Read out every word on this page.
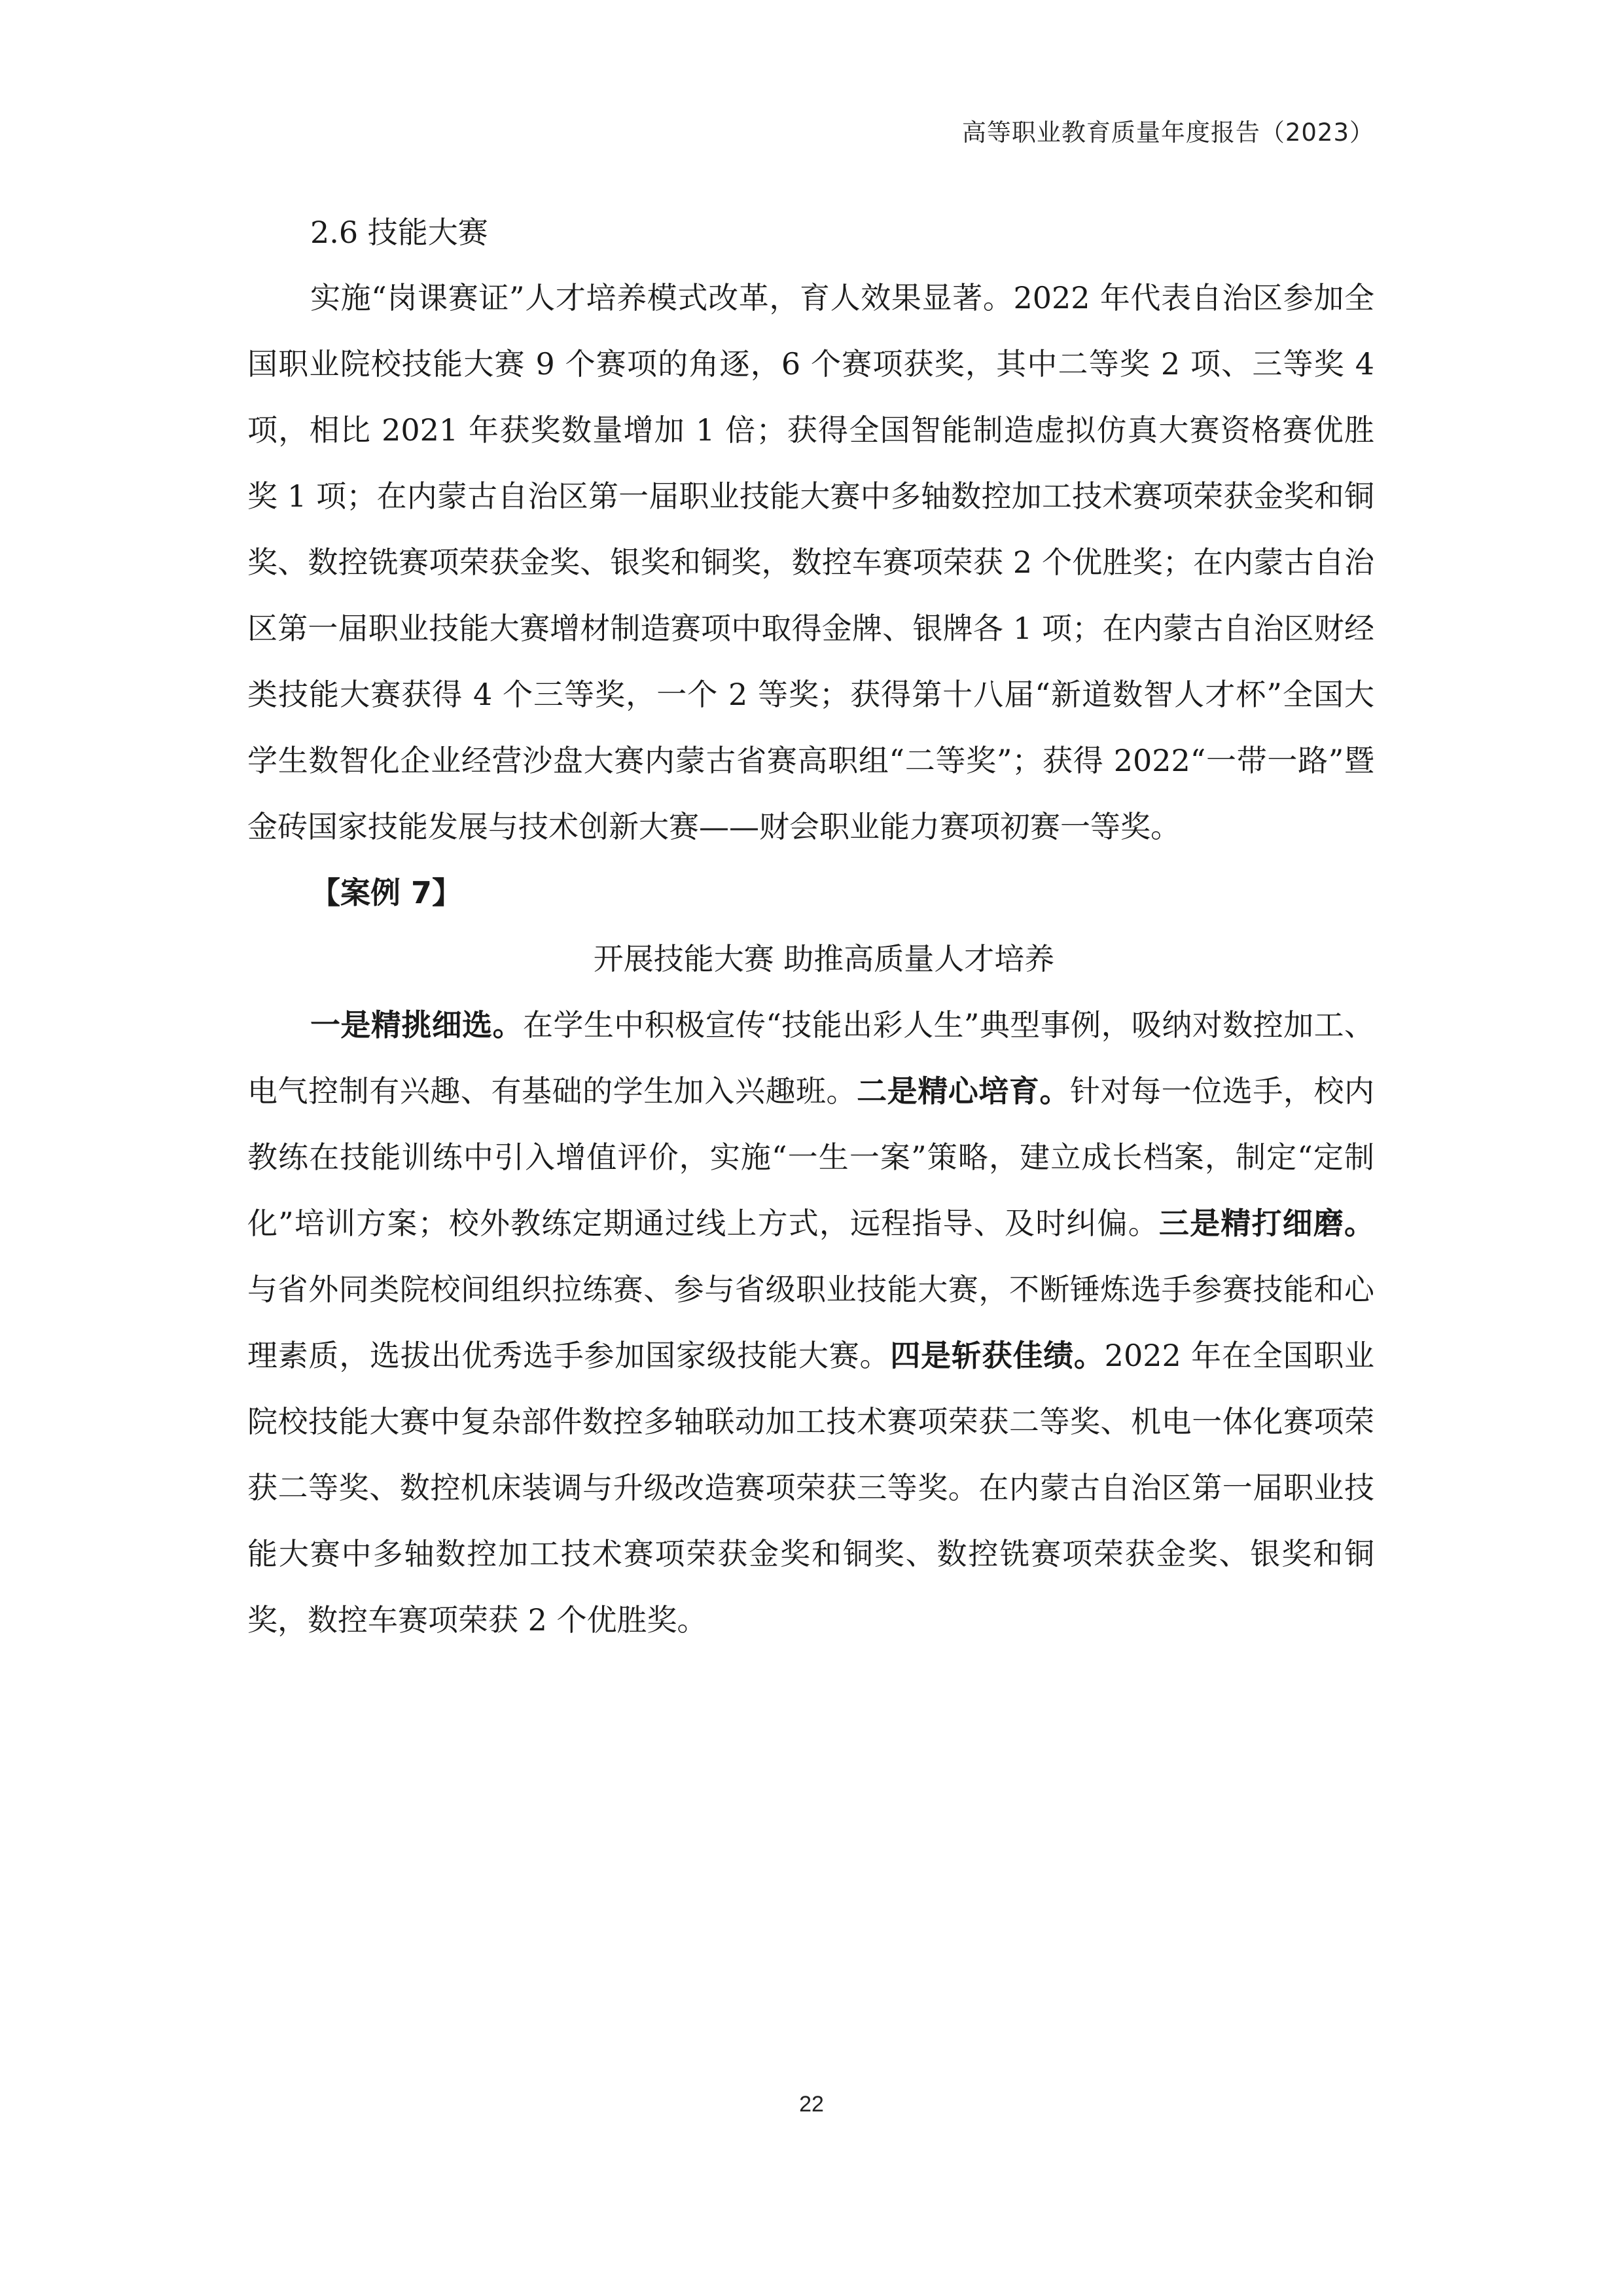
高等职业教育质量年度报告（2023）
2.6 技能大赛

实施“岗课赛证”人才培养模式改革，育人效果显著。2022 年代表自治区参加全国职业院校技能大赛 9 个赛项的角逐，6 个赛项获奖，其中二等奖 2 项、三等奖 4 项，相比 2021 年获奖数量增加 1 倍；获得全国智能制造虚拟仿真大赛资格赛优胜奖 1 项；在内蒙古自治区第一届职业技能大赛中多轴数控加工技术赛项荣获金奖和铜奖、数控铣赛项荣获金奖、银奖和铜奖，数控车赛项荣获 2 个优胜奖；在内蒙古自治区第一届职业技能大赛增材制造赛项中取得金牌、银牌各 1 项；在内蒙古自治区财经类技能大赛获得 4 个三等奖，一个 2 等奖；获得第十八届“新道数智人才杯”全国大学生数智化企业经营沙盘大赛内蒙古省赛高职组“二等奖”；获得 2022“一带一路”暨金砖国家技能发展与技术创新大赛——财会职业能力赛项初赛一等奖。

【案例 7】

开展技能大赛 助推高质量人才培养

一是精挑细选。在学生中积极宣传“技能出彩人生”典型事例，吸纳对数控加工、电气控制有兴趣、有基础的学生加入兴趣班。二是精心培育。针对每一位选手，校内教练在技能训练中引入增值评价，实施“一生一案”策略，建立成长档案，制定“定制化”培训方案；校外教练定期通过线上方式，远程指导、及时纠偏。三是精打细磨。与省外同类院校间组织拉练赛、参与省级职业技能大赛，不断锤炼选手参赛技能和心理素质，选拔出优秀选手参加国家级技能大赛。四是斩获佳绩。2022 年在全国职业院校技能大赛中复杂部件数控多轴联动加工技术赛项荣获二等奖、机电一体化赛项荣获二等奖、数控机床装调与升级改造赛项荣获三等奖。在内蒙古自治区第一届职业技能大赛中多轴数控加工技术赛项荣获金奖和铜奖、数控铣赛项荣获金奖、银奖和铜奖，数控车赛项荣获 2 个优胜奖。

22
